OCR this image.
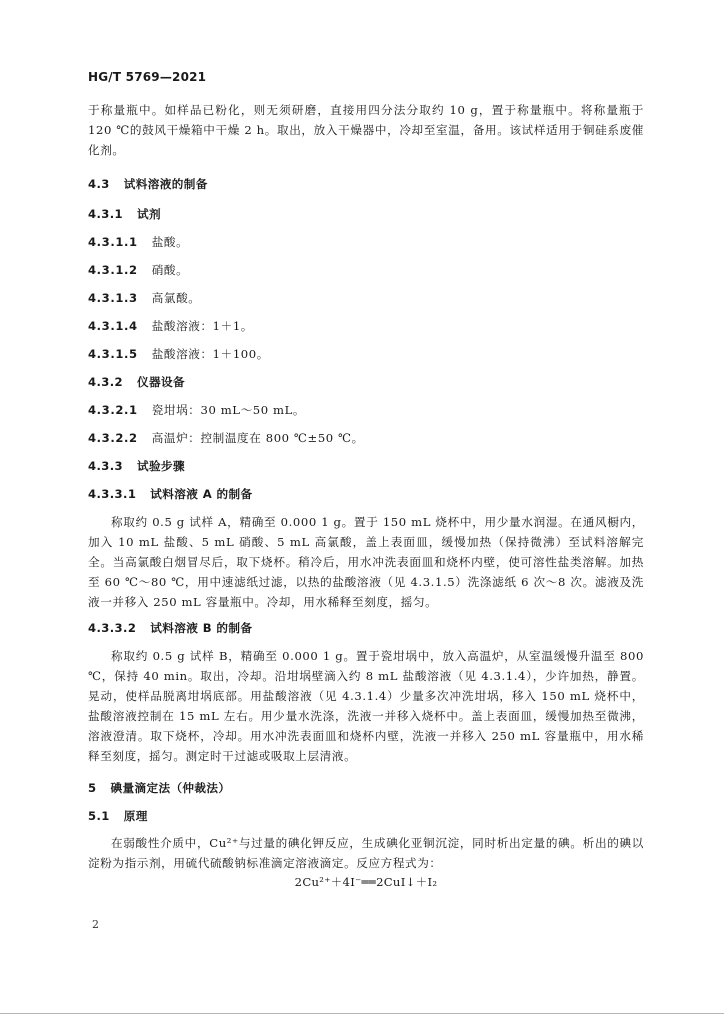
HG/T 5769—2021

于称量瓶中。如样品已粉化，则无须研磨，直接用四分法分取约 10 g，置于称量瓶中。将称量瓶于 120 ℃的鼓风干燥箱中干燥 2 h。取出，放入干燥器中，冷却至室温，备用。该试样适用于铜硅系废催化剂。

4.3 试料溶液的制备
4.3.1 试剂
4.3.1.1 盐酸。
4.3.1.2 硝酸。
4.3.1.3 高氯酸。
4.3.1.4 盐酸溶液：1＋1。
4.3.1.5 盐酸溶液：1＋100。
4.3.2 仪器设备
4.3.2.1 瓷坩埚：30 mL～50 mL。
4.3.2.2 高温炉：控制温度在 800 ℃±50 ℃。
4.3.3 试验步骤
4.3.3.1 试料溶液 A 的制备

称取约 0.5 g 试样 A，精确至 0.000 1 g。置于 150 mL 烧杯中，用少量水润湿。在通风橱内，加入 10 mL 盐酸、5 mL 硝酸、5 mL 高氯酸，盖上表面皿，缓慢加热（保持微沸）至试料溶解完全。当高氯酸白烟冒尽后，取下烧杯。稍冷后，用水冲洗表面皿和烧杯内壁，使可溶性盐类溶解。加热至 60 ℃～80 ℃，用中速滤纸过滤，以热的盐酸溶液（见 4.3.1.5）洗涤滤纸 6 次～8 次。滤液及洗液一并移入 250 mL 容量瓶中。冷却，用水稀释至刻度，摇匀。

4.3.3.2 试料溶液 B 的制备

称取约 0.5 g 试样 B，精确至 0.000 1 g。置于瓷坩埚中，放入高温炉，从室温缓慢升温至 800 ℃，保持 40 min。取出，冷却。沿坩埚壁滴入约 8 mL 盐酸溶液（见 4.3.1.4），少许加热，静置。晃动，使样品脱离坩埚底部。用盐酸溶液（见 4.3.1.4）少量多次冲洗坩埚，移入 150 mL 烧杯中，盐酸溶液控制在 15 mL 左右。用少量水洗涤，洗液一并移入烧杯中。盖上表面皿，缓慢加热至微沸，溶液澄清。取下烧杯，冷却。用水冲洗表面皿和烧杯内壁，洗液一并移入 250 mL 容量瓶中，用水稀释至刻度，摇匀。测定时干过滤或吸取上层清液。

5 碘量滴定法（仲裁法）
5.1 原理

在弱酸性介质中，Cu²⁺与过量的碘化钾反应，生成碘化亚铜沉淀，同时析出定量的碘。析出的碘以淀粉为指示剂，用硫代硫酸钠标准滴定溶液滴定。反应方程式为：

2Cu²⁺＋4I⁻══2CuI↓＋I₂

2
